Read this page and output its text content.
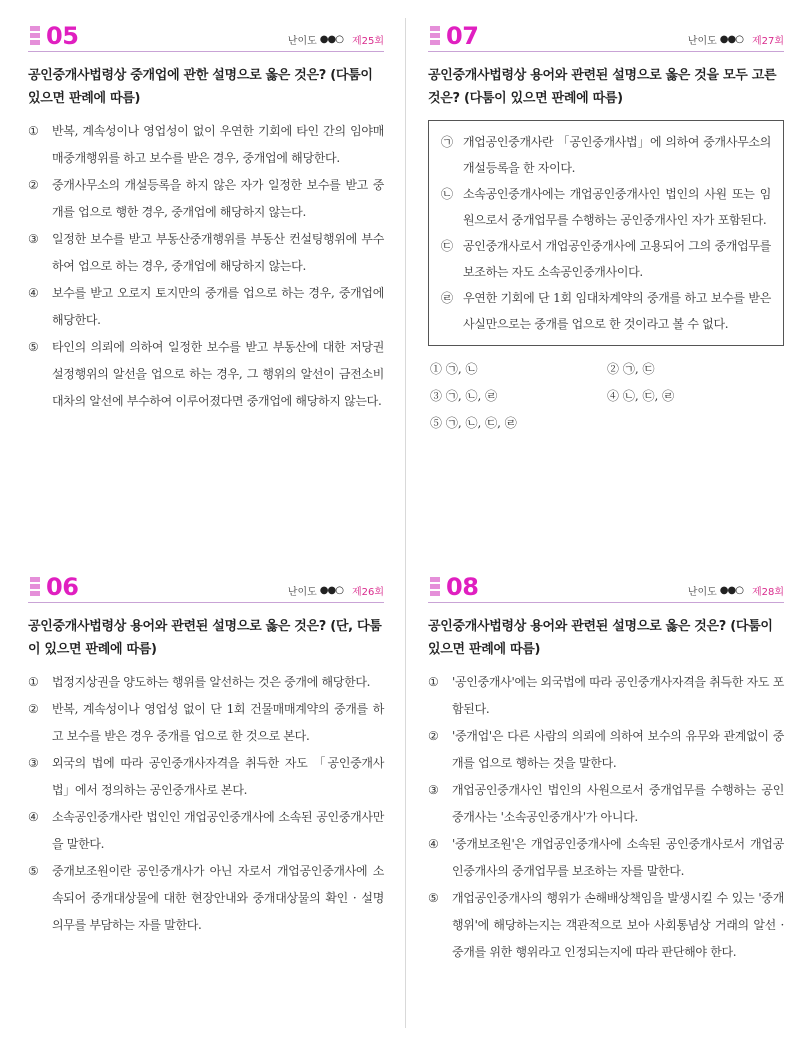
05	난이도 ●●○ 제25회

공인중개사법령상 중개업에 관한 설명으로 옳은 것은? (다툼이 있으면 판례에 따름)

①	반복, 계속성이나 영업성이 없이 우연한 기회에 타인 간의 임야매매중개행위를 하고 보수를 받은 경우, 중개업에 해당한다.
②	중개사무소의 개설등록을 하지 않은 자가 일정한 보수를 받고 중개를 업으로 행한 경우, 중개업에 해당하지 않는다.
③	일정한 보수를 받고 부동산중개행위를 부동산 컨설팅행위에 부수하여 업으로 하는 경우, 중개업에 해당하지 않는다.
④	보수를 받고 오로지 토지만의 중개를 업으로 하는 경우, 중개업에 해당한다.
⑤	타인의 의뢰에 의하여 일정한 보수를 받고 부동산에 대한 저당권설정행위의 알선을 업으로 하는 경우, 그 행위의 알선이 금전소비대차의 알선에 부수하여 이루어졌다면 중개업에 해당하지 않는다.
07	난이도 ●●○ 제27회

공인중개사법령상 용어와 관련된 설명으로 옳은 것을 모두 고른 것은? (다툼이 있으면 판례에 따름)

㉠ 개업공인중개사란 「공인중개사법」에 의하여 중개사무소의 개설등록을 한 자이다.
㉡ 소속공인중개사에는 개업공인중개사인 법인의 사원 또는 임원으로서 중개업무를 수행하는 공인중개사인 자가 포함된다.
㉢ 공인중개사로서 개업공인중개사에 고용되어 그의 중개업무를 보조하는 자도 소속공인중개사이다.
㉣ 우연한 기회에 단 1회 임대차계약의 중개를 하고 보수를 받은 사실만으로는 중개를 업으로 한 것이라고 볼 수 없다.
① ㉠, ㉡	② ㉠, ㉢
③ ㉠, ㉡, ㉣	④ ㉡, ㉢, ㉣
⑤ ㉠, ㉡, ㉢, ㉣
06	난이도 ●●○ 제26회

공인중개사법령상 용어와 관련된 설명으로 옳은 것은? (단, 다툼이 있으면 판례에 따름)

①	법정지상권을 양도하는 행위를 알선하는 것은 중개에 해당한다.
②	반복, 계속성이나 영업성 없이 단 1회 건물매매계약의 중개를 하고 보수를 받은 경우 중개를 업으로 한 것으로 본다.
③	외국의 법에 따라 공인중개사자격을 취득한 자도 「공인중개사법」에서 정의하는 공인중개사로 본다.
④	소속공인중개사란 법인인 개업공인중개사에 소속된 공인중개사만을 말한다.
⑤	중개보조원이란 공인중개사가 아닌 자로서 개업공인중개사에 소속되어 중개대상물에 대한 현장안내와 중개대상물의 확인 · 설명의무를 부담하는 자를 말한다.
08	난이도 ●●○ 제28회

공인중개사법령상 용어와 관련된 설명으로 옳은 것은? (다툼이 있으면 판례에 따름)

①	'공인중개사'에는 외국법에 따라 공인중개사자격을 취득한 자도 포함된다.
②	'중개업'은 다른 사람의 의뢰에 의하여 보수의 유무와 관계없이 중개를 업으로 행하는 것을 말한다.
③	개업공인중개사인 법인의 사원으로서 중개업무를 수행하는 공인중개사는 '소속공인중개사'가 아니다.
④	'중개보조원'은 개업공인중개사에 소속된 공인중개사로서 개업공인중개사의 중개업무를 보조하는 자를 말한다.
⑤	개업공인중개사의 행위가 손해배상책임을 발생시킬 수 있는 '중개행위'에 해당하는지는 객관적으로 보아 사회통념상 거래의 알선 · 중개를 위한 행위라고 인정되는지에 따라 판단해야 한다.
